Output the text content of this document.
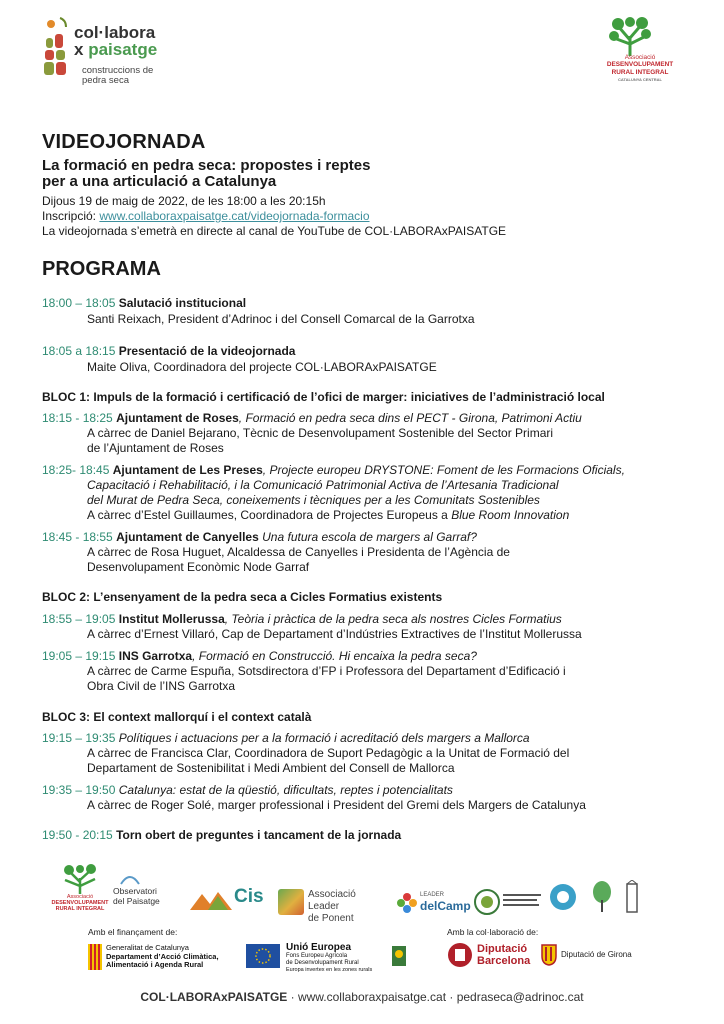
col·labora
x paisatge
construccions de
pedra seca
Associació
DESENVOLUPAMENT
RURAL INTEGRAL
CATALUNYA CENTRAL
VIDEOJORNADA
La formació en pedra seca: propostes i reptes
per a una articulació a Catalunya
Dijous 19 de maig de 2022, de les 18:00 a les 20:15h
Inscripció: www.collaboraxpaisatge.cat/videojornada-formacio
La videojornada s’emetrà en directe al canal de YouTube de COL·LABORAxPAISATGE
PROGRAMA
18:00 – 18:05 Salutació institucional
Santi Reixach, President d’Adrinoc i del Consell Comarcal de la Garrotxa
18:05 a 18:15 Presentació de la videojornada
Maite Oliva, Coordinadora del projecte COL·LABORAxPAISATGE
BLOC 1: Impuls de la formació i certificació de l’ofici de marger: iniciatives de l’administració local
18:15 - 18:25 Ajuntament de Roses, Formació en pedra seca dins el PECT - Girona, Patrimoni Actiu
A càrrec de Daniel Bejarano, Tècnic de Desenvolupament Sostenible del Sector Primari
de l’Ajuntament de Roses
18:25- 18:45 Ajuntament de Les Preses, Projecte europeu DRYSTONE: Foment de les Formacions Oficials,
Capacitació i Rehabilitació, i la Comunicació Patrimonial Activa de l’Artesania Tradicional
del Murat de Pedra Seca, coneixements i tècniques per a les Comunitats Sostenibles
A càrrec d’Estel Guillaumes, Coordinadora de Projectes Europeus a Blue Room Innovation
18:45 - 18:55 Ajuntament de Canyelles Una futura escola de margers al Garraf?
A càrrec de Rosa Huguet, Alcaldessa de Canyelles i Presidenta de l’Agència de
Desenvolupament Econòmic Node Garraf
BLOC 2: L’ensenyament de la pedra seca a Cicles Formatius existents
18:55 – 19:05 Institut Mollerussa, Teòria i pràctica de la pedra seca als nostres Cicles Formatius
A càrrec d’Ernest Villaró, Cap de Departament d’Indústries Extractives de l’Institut Mollerussa
19:05 – 19:15 INS Garrotxa, Formació en Construcció. Hi encaixa la pedra seca?
A càrrec de Carme Espuña, Sotsdirectora d’FP i Professora del Departament d’Edificació i
Obra Civil de l’INS Garrotxa
BLOC 3: El context mallorquí i el context català
19:15 – 19:35 Polítiques i actuacions per a la formació i acreditació dels margers a Mallorca
A càrrec de Francisca Clar, Coordinadora de Suport Pedagògic a la Unitat de Formació del
Departament de Sostenibilitat i Medi Ambient del Consell de Mallorca
19:35 – 19:50 Catalunya: estat de la qüestió, dificultats, reptes i potencialitats
A càrrec de Roger Solé, marger professional i President del Gremi dels Margers de Catalunya
19:50 - 20:15 Torn obert de preguntes i tancament de la jornada
Associació
DESENVOLUPAMENT
RURAL INTEGRAL
Observatori
del Paisatge	Cis	Associació Leader
de Ponent
LEADER
delCamp
Amb el finançament de:	Amb la col·laboració de:
Generalitat de Catalunya
Departament d’Acció Climàtica,
Alimentació i Agenda Rural
Unió Europea
Fons Europeu Agrícola
de Desenvolupament Rural
Europa invertex en les zones rurals
Diputació
Barcelona
Diputació de Girona
COL·LABORAxPAISATGE · www.collaboraxpaisatge.cat · pedraseca@adrinoc.cat
